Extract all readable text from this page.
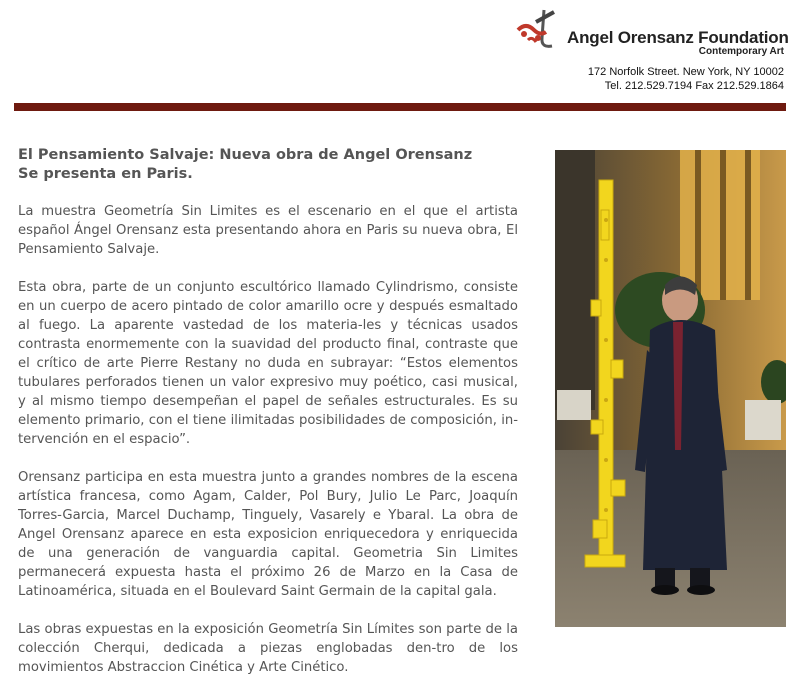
Angel Orensanz Foundation
Contemporary Art
172 Norfolk Street. New York, NY 10002
Tel. 212.529.7194 Fax 212.529.1864
El Pensamiento Salvaje: Nueva obra de Angel Orensanz
Se presenta en Paris.

La muestra Geometría Sin Limites es el escenario en el que el artista español Ángel Orensanz esta presentando ahora en Paris su nueva obra, El Pensamiento Salvaje.

Esta obra, parte de un conjunto escultórico llamado Cylindrismo, consiste en un cuerpo de acero pintado de color amarillo ocre y después esmaltado al fuego. La aparente vastedad de los materia-les y técnicas usados contrasta enormemente con la suavidad del producto final, contraste que el crítico de arte Pierre Restany no duda en subrayar: “Estos elementos tubulares perforados tienen un valor expresivo muy poético, casi musical, y al mismo tiempo desempeñan el papel de señales estructurales. Es su elemento primario, con el tiene ilimitadas posibilidades de composición, in-tervención en el espacio”.

Orensanz participa en esta muestra junto a grandes nombres de la escena artística francesa, como Agam, Calder, Pol Bury, Julio Le Parc, Joaquín Torres-Garcia, Marcel Duchamp, Tinguely, Vasarely e Ybaral. La obra de Angel Orensanz aparece en esta exposicion enriquecedora y enriquecida de una generación de vanguardia capital. Geometria Sin Limites permanecerá expuesta hasta el próximo 26 de Marzo en la Casa de Latinoamérica, situada en el Boulevard Saint Germain de la capital gala.

Las obras expuestas en la exposición Geometría Sin Límites son parte de la colección Cherqui, dedicada a piezas englobadas den-tro de los movimientos Abstraccion Cinética y Arte Cinético.
